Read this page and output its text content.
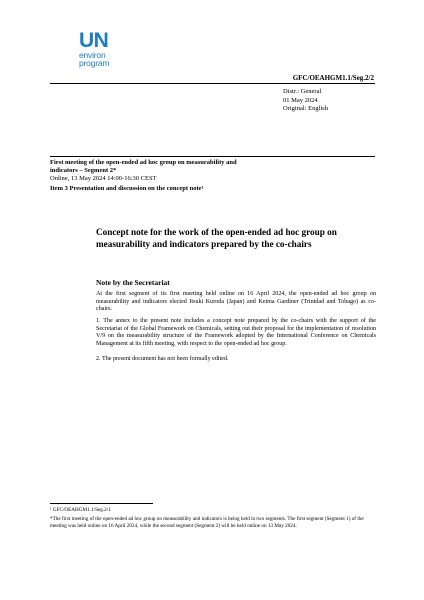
UN
environ
program
GFC/OEAHGM1.1/Seg.2/2
Distr.: General
01 May 2024
Original: English
First meeting of the open-ended ad hoc group on measurability and
indicators – Segment 2*
Online, 13 May 2024 14:00-16:30 CEST
Item 3 Presentation and discussion on the concept note¹
Concept note for the work of the open-ended ad hoc group on measurability and indicators prepared by the co-chairs
Note by the Secretariat
At the first segment of its first meeting held online on 16 April 2024, the open-ended ad hoc group on measurability and indicators elected Itsuki Kuroda (Japan) and Keima Gardiner (Trinidad and Tobago) as co-chairs.
1. The annex to the present note includes a concept note prepared by the co-chairs with the support of the Secretariat of the Global Framework on Chemicals, setting out their proposal for the implementation of resolution V/9 on the measurability structure of the Framework adopted by the International Conference on Chemicals Management at its fifth meeting, with respect to the open-ended ad hoc group.
2. The present document has not been formally edited.
¹ GFC/OEAHGM1.1/Seg.2/1
*The first meeting of the open-ended ad hoc group on measurability and indicators is being held in two segments. The first segment (Segment 1) of the meeting was held online on 16 April 2024, while the second segment (Segment 2) will be held online on 13 May 2024.
